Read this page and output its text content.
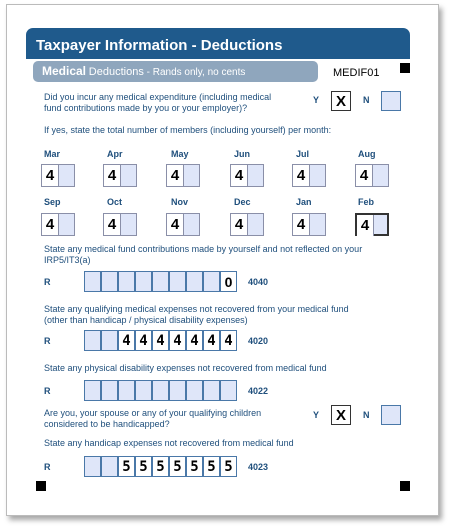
Taxpayer Information - Deductions
Medical Deductions - Rands only, no cents	MEDIF01
Did you incur any medical expenditure (including medical
fund contributions made by you or your employer)?
Y	X	N
If yes, state the total number of members (including yourself) per month:
Mar
4
Apr
4
May
4
Jun
4
Jul
4
Aug
4
Sep
4
Oct
4
Nov
4
Dec
4
Jan
4
Feb
4
State any medical fund contributions made by yourself and not reflected on your
IRP5/IT3(a)
R	0	4040
State any qualifying medical expenses not recovered from your medical fund
(other than handicap / physical disability expenses)
R	4 4 4 4 4 4 4	4020
State any physical disability expenses not recovered from medical fund
R	4022
Are you, your spouse or any of your qualifying children
considered to be handicapped?
Y	X	N
State any handicap expenses not recovered from medical fund
R	5 5 5 5 5 5 5	4023
